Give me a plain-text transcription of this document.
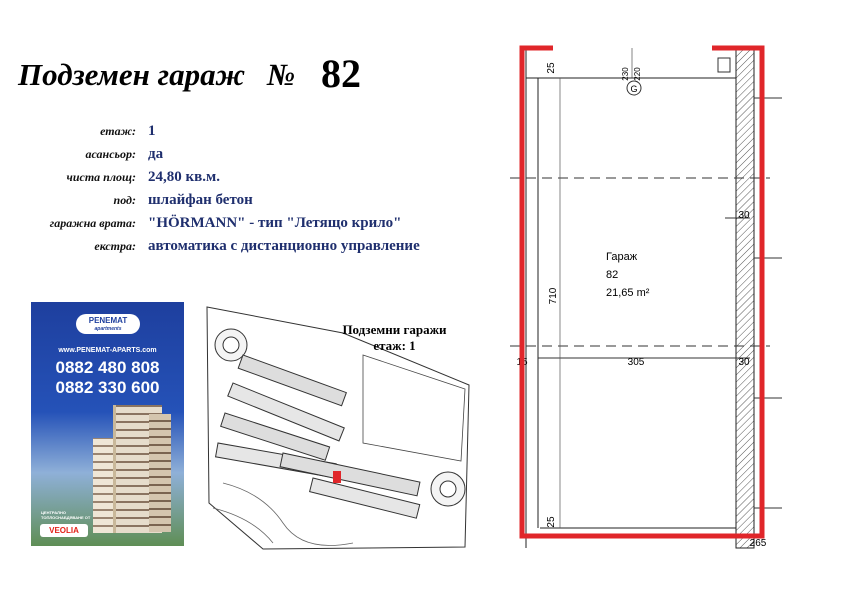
Подземен гараж № 82
етаж: 1
асансьор: да
чиста площ: 24,80 кв.м.
под: шлайфан бетон
гаражна врата: "HÖRMANN" - тип "Летящо крило"
екстра: автоматика с дистанционно управление
PENEMAT
apartments
www.PENEMAT-APARTS.com
0882 480 808
0882 330 600
ЦЕНТРАЛНО ТОПЛОСНАБДЯВАНЕ ОТ
VEOLIA
Подземни гаражи
етаж: 1
G
230 220
25
25
710
305
15	30
30
265
Гараж
82
21,65 m²
